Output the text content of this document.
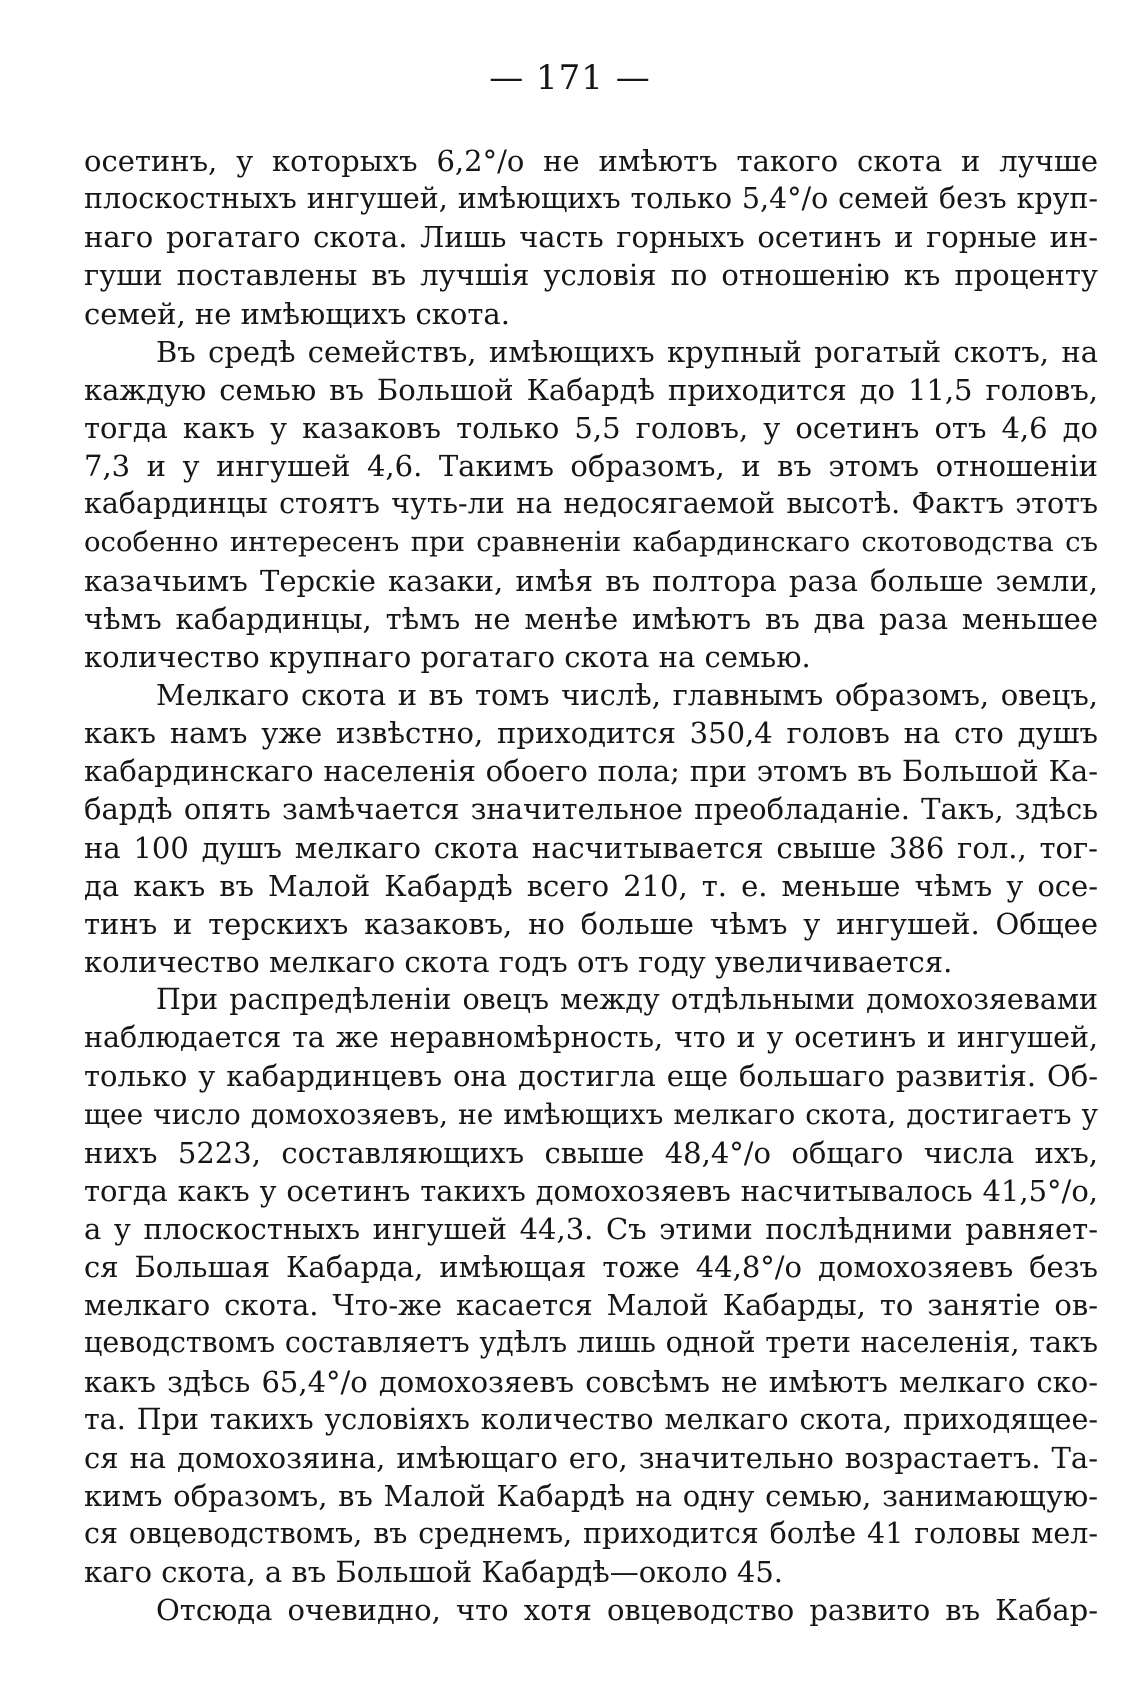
— 171 —
осетинъ, у которыхъ 6,2°/о не имѣютъ такого скота и лучше
плоскостныхъ ингушей, имѣющихъ только 5,4°/о семей безъ круп-
наго рогатаго скота. Лишь часть горныхъ осетинъ и горные ин-
гуши поставлены въ лучшія условія по отношенію къ проценту
семей, не имѣющихъ скота.
Въ средѣ семействъ, имѣющихъ крупный рогатый скотъ, на
каждую семью въ Большой Кабардѣ приходится до 11,5 головъ,
тогда какъ у казаковъ только 5,5 головъ, у осетинъ отъ 4,6 до
7,3 и у ингушей 4,6. Такимъ образомъ, и въ этомъ отношеніи
кабардинцы стоятъ чуть-ли на недосягаемой высотѣ. Фактъ этотъ
особенно интересенъ при сравненіи кабардинскаго скотоводства съ
казачьимъ Терскіе казаки, имѣя въ полтора раза больше земли,
чѣмъ кабардинцы, тѣмъ не менѣе имѣютъ въ два раза меньшее
количество крупнаго рогатаго скота на семью.
Мелкаго скота и въ томъ числѣ, главнымъ образомъ, овецъ,
какъ намъ уже извѣстно, приходится 350,4 головъ на сто душъ
кабардинскаго населенія обоего пола; при этомъ въ Большой Ка-
бардѣ опять замѣчается значительное преобладаніе. Такъ, здѣсь
на 100 душъ мелкаго скота насчитывается свыше 386 гол., тог-
да какъ въ Малой Кабардѣ всего 210, т. е. меньше чѣмъ у осе-
тинъ и терскихъ казаковъ, но больше чѣмъ у ингушей. Общее
количество мелкаго скота годъ отъ году увеличивается.
При распредѣленіи овецъ между отдѣльными домохозяевами
наблюдается та же неравномѣрность, что и у осетинъ и ингушей,
только у кабардинцевъ она достигла еще большаго развитія. Об-
щее число домохозяевъ, не имѣющихъ мелкаго скота, достигаетъ у
нихъ 5223, составляющихъ свыше 48,4°/о общаго числа ихъ,
тогда какъ у осетинъ такихъ домохозяевъ насчитывалось 41,5°/о,
а у плоскостныхъ ингушей 44,3. Съ этими послѣдними равняет-
ся Большая Кабарда, имѣющая тоже 44,8°/о домохозяевъ безъ
мелкаго скота. Что-же касается Малой Кабарды, то занятіе ов-
цеводствомъ составляетъ удѣлъ лишь одной трети населенія, такъ
какъ здѣсь 65,4°/о домохозяевъ совсѣмъ не имѣютъ мелкаго ско-
та. При такихъ условіяхъ количество мелкаго скота, приходящее-
ся на домохозяина, имѣющаго его, значительно возрастаетъ. Та-
кимъ образомъ, въ Малой Кабардѣ на одну семью, занимающую-
ся овцеводствомъ, въ среднемъ, приходится болѣе 41 головы мел-
каго скота, а въ Большой Кабардѣ—около 45.
Отсюда очевидно, что хотя овцеводство развито въ Кабар-
